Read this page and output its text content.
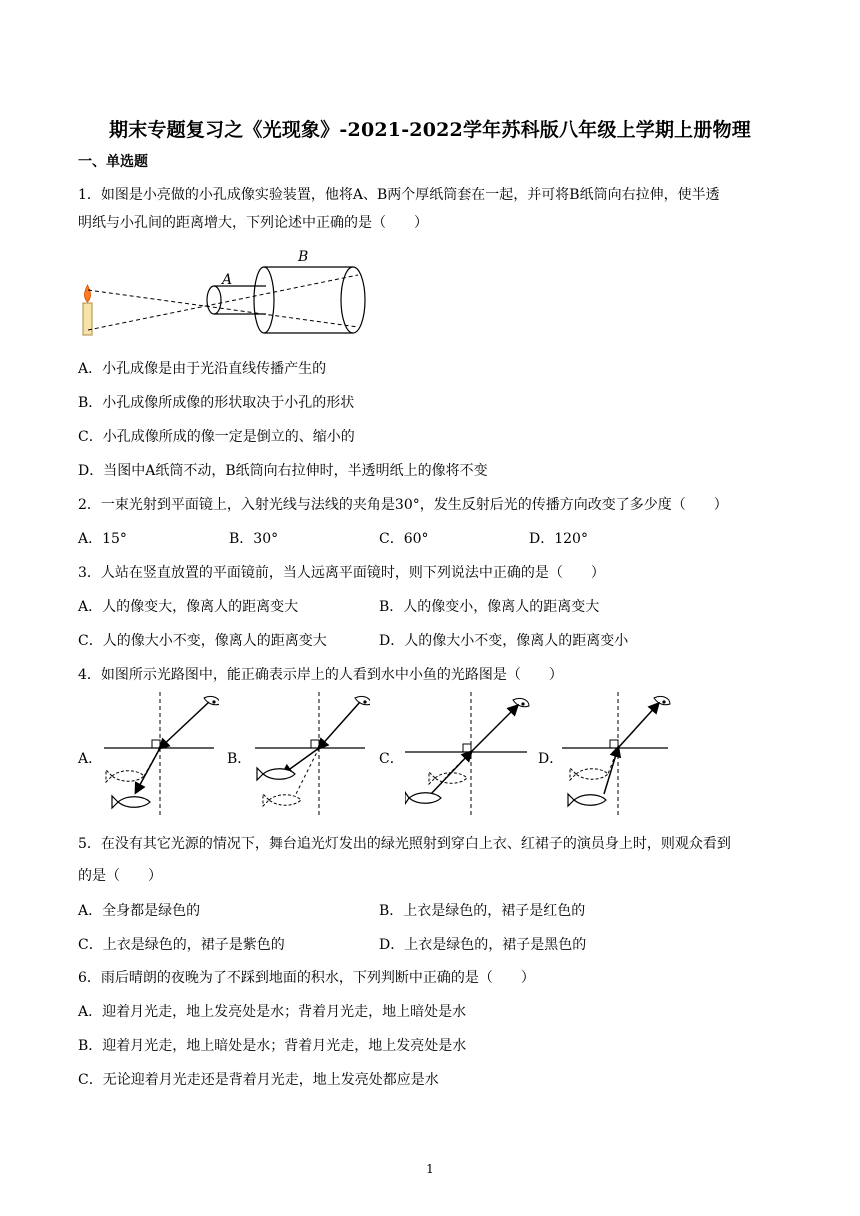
期末专题复习之《光现象》-2021-2022学年苏科版八年级上学期上册物理
一、单选题
1．如图是小亮做的小孔成像实验装置，他将A、B两个厚纸筒套在一起，并可将B纸筒向右拉伸，使半透
明纸与小孔间的距离增大，下列论述中正确的是（　　）
A
B
A．小孔成像是由于光沿直线传播产生的
B．小孔成像所成像的形状取决于小孔的形状
C．小孔成像所成的像一定是倒立的、缩小的
D．当图中A纸筒不动，B纸筒向右拉伸时，半透明纸上的像将不变
2．一束光射到平面镜上，入射光线与法线的夹角是30°，发生反射后光的传播方向改变了多少度（　　）
A．15°	B．30°	C．60°	D．120°
3．人站在竖直放置的平面镜前，当人远离平面镜时，则下列说法中正确的是（　　）
A．人的像变大，像离人的距离变大	B．人的像变小，像离人的距离变大
C．人的像大小不变，像离人的距离变大	D．人的像大小不变，像离人的距离变小
4．如图所示光路图中，能正确表示岸上的人看到水中小鱼的光路图是（　　）
A．	B．	C．	D．
5．在没有其它光源的情况下，舞台追光灯发出的绿光照射到穿白上衣、红裙子的演员身上时，则观众看到
的是（　　）
A．全身都是绿色的	B．上衣是绿色的，裙子是红色的
C．上衣是绿色的，裙子是紫色的	D．上衣是绿色的，裙子是黑色的
6．雨后晴朗的夜晚为了不踩到地面的积水，下列判断中正确的是（　　）
A．迎着月光走，地上发亮处是水；背着月光走，地上暗处是水
B．迎着月光走，地上暗处是水；背着月光走，地上发亮处是水
C．无论迎着月光走还是背着月光走，地上发亮处都应是水
1
